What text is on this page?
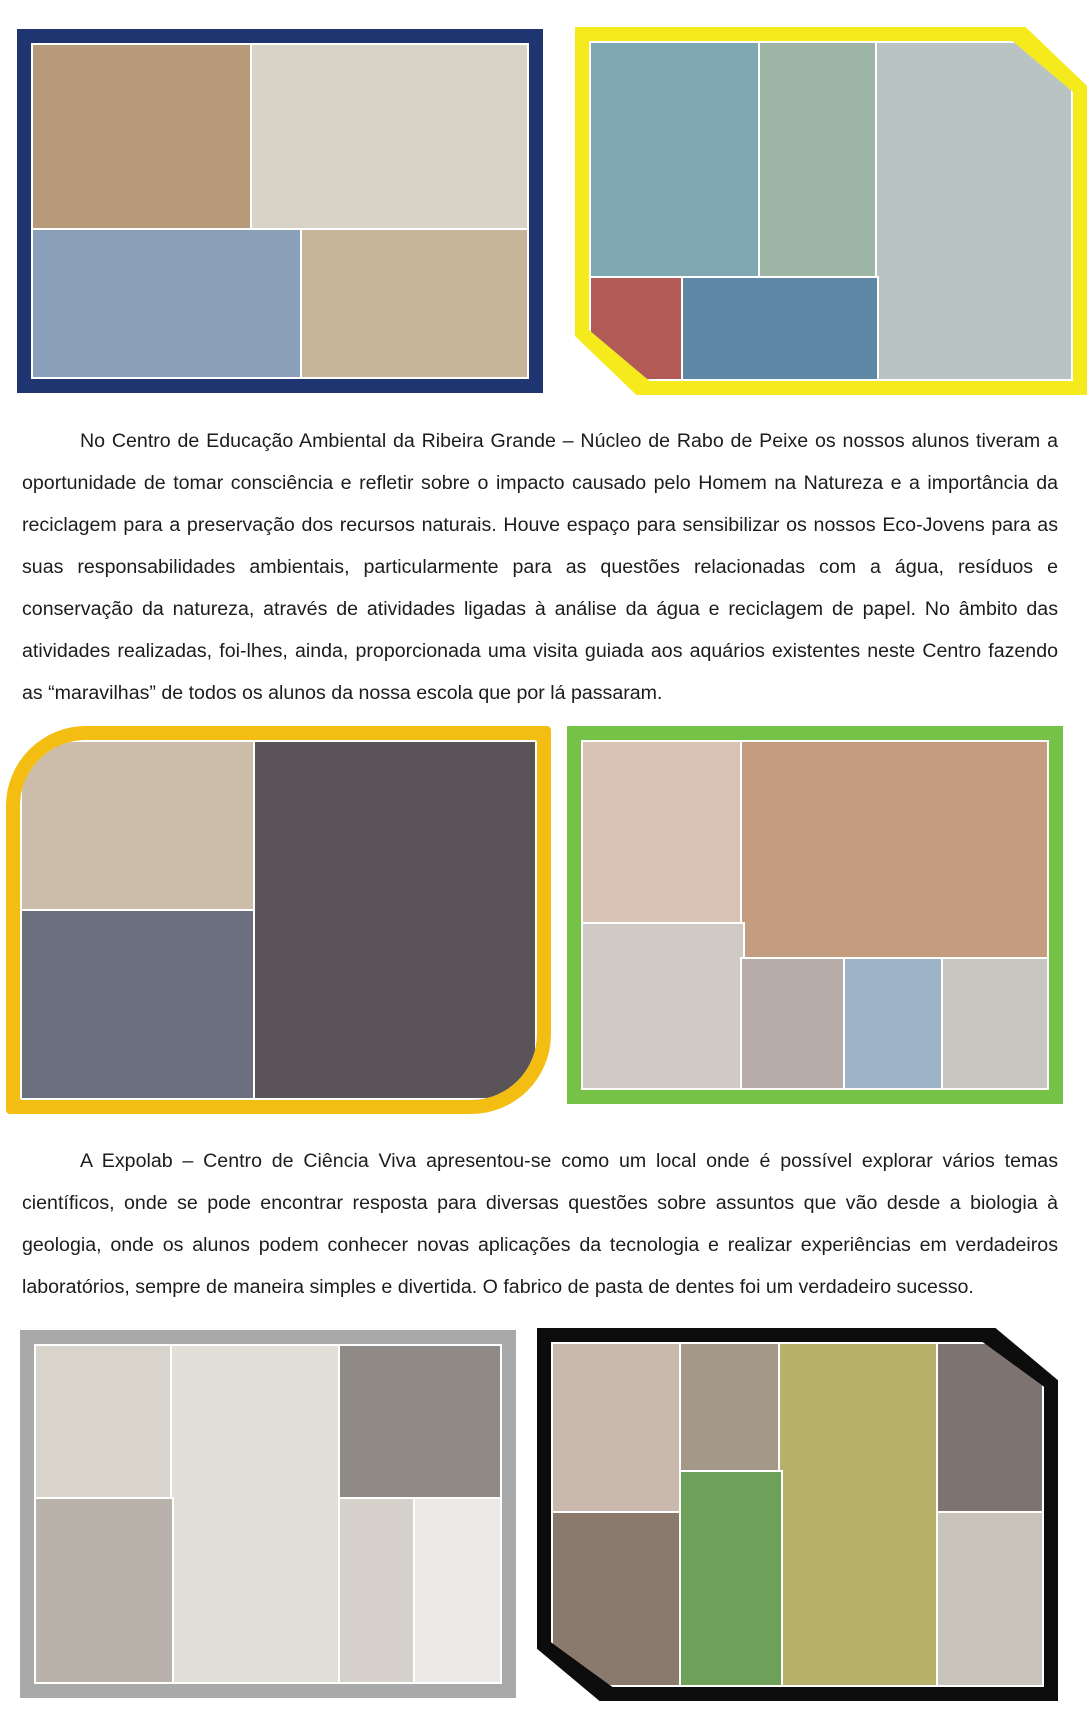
No Centro de Educação Ambiental da Ribeira Grande – Núcleo de Rabo de Peixe os nossos alunos tiveram a oportunidade de tomar consciência e refletir sobre o impacto causado pelo Homem na Natureza e a importância da reciclagem para a preservação dos recursos naturais. Houve espaço para sensibilizar os nossos Eco-Jovens para as suas responsabilidades ambientais, particularmente para as questões relacionadas com a água, resíduos e conservação da natureza, através de atividades ligadas à análise da água e reciclagem de papel. No âmbito das atividades realizadas, foi-lhes, ainda, proporcionada uma visita guiada aos aquários existentes neste Centro fazendo as “maravilhas” de todos os alunos da nossa escola que por lá passaram.

A Expolab – Centro de Ciência Viva apresentou-se como um local onde é possível explorar vários temas científicos, onde se pode encontrar resposta para diversas questões sobre assuntos que vão desde a biologia à geologia, onde os alunos podem conhecer novas aplicações da tecnologia e realizar experiências em verdadeiros laboratórios, sempre de maneira simples e divertida. O fabrico de pasta de dentes foi um verdadeiro sucesso.
